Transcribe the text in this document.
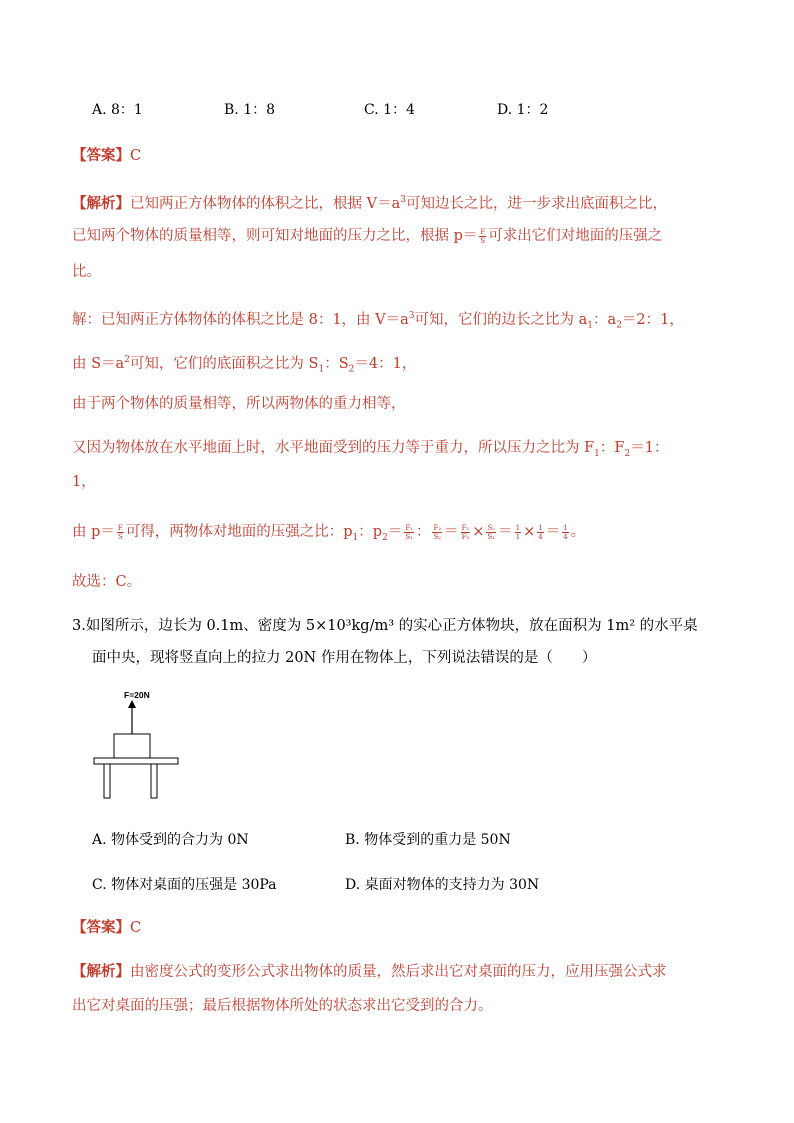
A. 8：1	B. 1：8	C. 1：4	D. 1：2
【答案】C
【解析】已知两正方体物体的体积之比，根据 $V=a^3$可知边长之比，进一步求出底面积之比，
已知两个物体的质量相等，则可知对地面的压力之比，根据 $p= \frac{F}{S}$ 可求出它们对地面的压强之
比。
解：已知两正方体物体的体积之比是 8：1，由 $V=a^3$可知，它们的边长之比为 $a_1$：$a_2=2$：1，
由 $S=a^2$可知，它们的底面积之比为 $S_1$：$S_2=4$：1，
由于两个物体的质量相等，所以两物体的重力相等，
又因为物体放在水平地面上时，水平地面受到的压力等于重力，所以压力之比为 $F_1$：$F_2=1$：
1，
由 $p= \frac{F}{S}$ 可得，两物体对地面的压强之比：$p_1$：$p_2= \frac{\text{F₁}}{\text{S₁}}$ ： $\frac{\text{F₂}}{\text{S₂}} = \frac{\text{F₁}}{\text{F₂}} \times \frac{\text{S₂}}{\text{S₁}} = \frac{1}{1} \times \frac{1}{4} = \frac{1}{4}$ 。
故选：C。
3.如图所示，边长为 0.1m、密度为 5×10³kg/m³ 的实心正方体物块，放在面积为 1m² 的水平桌
面中央，现将竖直向上的拉力 20N 作用在物体上，下列说法错误的是（　　）
F=20N
A. 物体受到的合力为 0N	B. 物体受到的重力是 50N
C. 物体对桌面的压强是 30Pa	D. 桌面对物体的支持力为 30N
【答案】C
【解析】由密度公式的变形公式求出物体的质量，然后求出它对桌面的压力，应用压强公式求
出它对桌面的压强；最后根据物体所处的状态求出它受到的合力。
